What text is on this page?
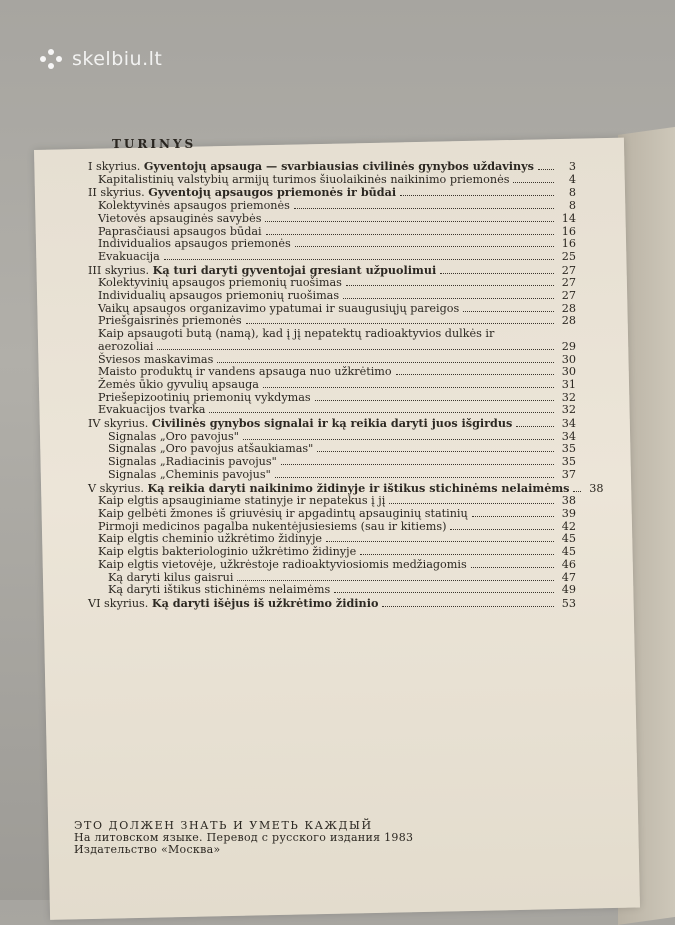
skelbiu.lt
TURINYS
I skyrius. Gyventojų apsauga — svarbiausias civilinės gynybos uždavinys	3
Kapitalistinių valstybių armijų turimos šiuolaikinės naikinimo priemonės	4
II skyrius. Gyventojų apsaugos priemonės ir būdai	8
Kolektyvinės apsaugos priemonės	8
Vietovės apsauginės savybės	14
Paprasčiausi apsaugos būdai	16
Individualios apsaugos priemonės	16
Evakuacija	25
III skyrius. Ką turi daryti gyventojai gresiant užpuolimui	27
Kolektyvinių apsaugos priemonių ruošimas	27
Individualių apsaugos priemonių ruošimas	27
Vaikų apsaugos organizavimo ypatumai ir suaugusiųjų pareigos	28
Priešgaisrinės priemonės	28
Kaip apsaugoti butą (namą), kad į jį nepatektų radioaktyvios dulkės ir
aerozoliai	29
Šviesos maskavimas	30
Maisto produktų ir vandens apsauga nuo užkrėtimo	30
Žemės ūkio gyvulių apsauga	31
Priešepizootinių priemonių vykdymas	32
Evakuacijos tvarka	32
IV skyrius. Civilinės gynybos signalai ir ką reikia daryti juos išgirdus	34
Signalas „Oro pavojus"	34
Signalas „Oro pavojus atšaukiamas"	35
Signalas „Radiacinis pavojus"	35
Signalas „Cheminis pavojus"	37
V skyrius. Ką reikia daryti naikinimo židinyje ir ištikus stichinėms nelaimėms	38
Kaip elgtis apsauginiame statinyje ir nepatekus į jį	38
Kaip gelbėti žmones iš griuvėsių ir apgadintų apsauginių statinių	39
Pirmoji medicinos pagalba nukentėjusiesiems (sau ir kitiems)	42
Kaip elgtis cheminio užkrėtimo židinyje	45
Kaip elgtis bakteriologinio užkrėtimo židinyje	45
Kaip elgtis vietovėje, užkrėstoje radioaktyviosiomis medžiagomis	46
Ką daryti kilus gaisrui	47
Ką daryti ištikus stichinėms nelaimėms	49
VI skyrius. Ką daryti išėjus iš užkrėtimo židinio	53
ЭТО ДОЛЖЕН ЗНАТЬ И УМЕТЬ КАЖДЫЙ
На литовском языке. Перевод с русского издания 1983
Издательство «Москва»
